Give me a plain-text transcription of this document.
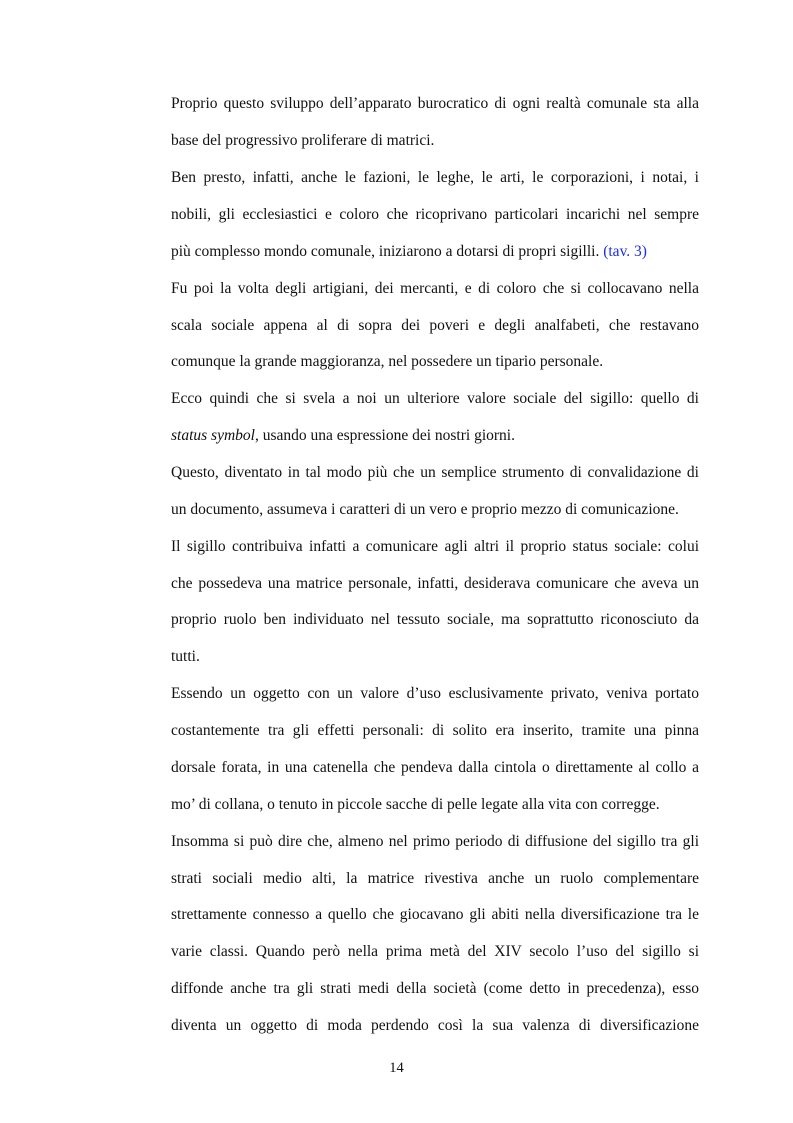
Proprio questo sviluppo dell’apparato burocratico di ogni realtà comunale sta alla
base del progressivo proliferare di matrici.
Ben presto, infatti, anche le fazioni, le leghe, le arti, le corporazioni, i notai, i
nobili, gli ecclesiastici e coloro che ricoprivano particolari incarichi nel sempre
più complesso mondo comunale, iniziarono a dotarsi di propri sigilli. (tav. 3)
Fu poi la volta degli artigiani, dei mercanti, e di coloro che si collocavano nella
scala sociale appena al di sopra dei poveri e degli analfabeti, che restavano
comunque la grande maggioranza, nel possedere un tipario personale.
Ecco quindi che si svela a noi un ulteriore valore sociale del sigillo: quello di
status symbol, usando una espressione dei nostri giorni.
Questo, diventato in tal modo più che un semplice strumento di convalidazione di
un documento, assumeva i caratteri di un vero e proprio mezzo di comunicazione.
Il sigillo contribuiva infatti a comunicare agli altri il proprio status sociale: colui
che possedeva una matrice personale, infatti, desiderava comunicare che aveva un
proprio ruolo ben individuato nel tessuto sociale, ma soprattutto riconosciuto da
tutti.
Essendo un oggetto con un valore d’uso esclusivamente privato, veniva portato
costantemente tra gli effetti personali: di solito era inserito, tramite una pinna
dorsale forata, in una catenella che pendeva dalla cintola o direttamente al collo a
mo’ di collana, o tenuto in piccole sacche di pelle legate alla vita con corregge.
Insomma si può dire che, almeno nel primo periodo di diffusione del sigillo tra gli
strati sociali medio alti, la matrice rivestiva anche un ruolo complementare
strettamente connesso a quello che giocavano gli abiti nella diversificazione tra le
varie classi. Quando però nella prima metà del XIV secolo l’uso del sigillo si
diffonde anche tra gli strati medi della società (come detto in precedenza), esso
diventa un oggetto di moda perdendo così la sua valenza di diversificazione
14
